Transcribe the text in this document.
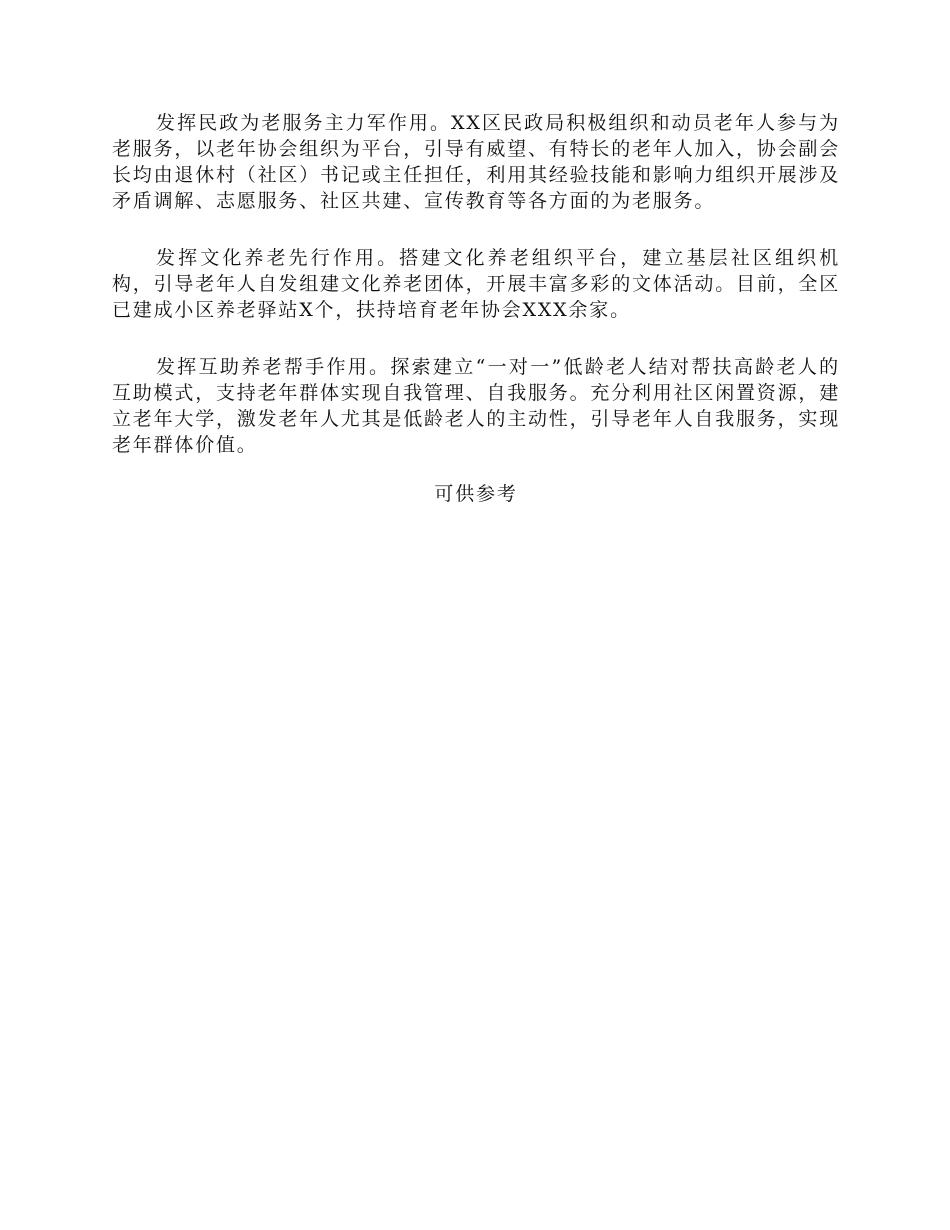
发挥民政为老服务主力军作用。XX区民政局积极组织和动员老年人参与为老服务，以老年协会组织为平台，引导有威望、有特长的老年人加入，协会副会长均由退休村（社区）书记或主任担任，利用其经验技能和影响力组织开展涉及矛盾调解、志愿服务、社区共建、宣传教育等各方面的为老服务。

发挥文化养老先行作用。搭建文化养老组织平台，建立基层社区组织机构，引导老年人自发组建文化养老团体，开展丰富多彩的文体活动。目前，全区已建成小区养老驿站X个，扶持培育老年协会XXX余家。

发挥互助养老帮手作用。探索建立“一对一”低龄老人结对帮扶高龄老人的互助模式，支持老年群体实现自我管理、自我服务。充分利用社区闲置资源，建立老年大学，激发老年人尤其是低龄老人的主动性，引导老年人自我服务，实现老年群体价值。

可供参考
